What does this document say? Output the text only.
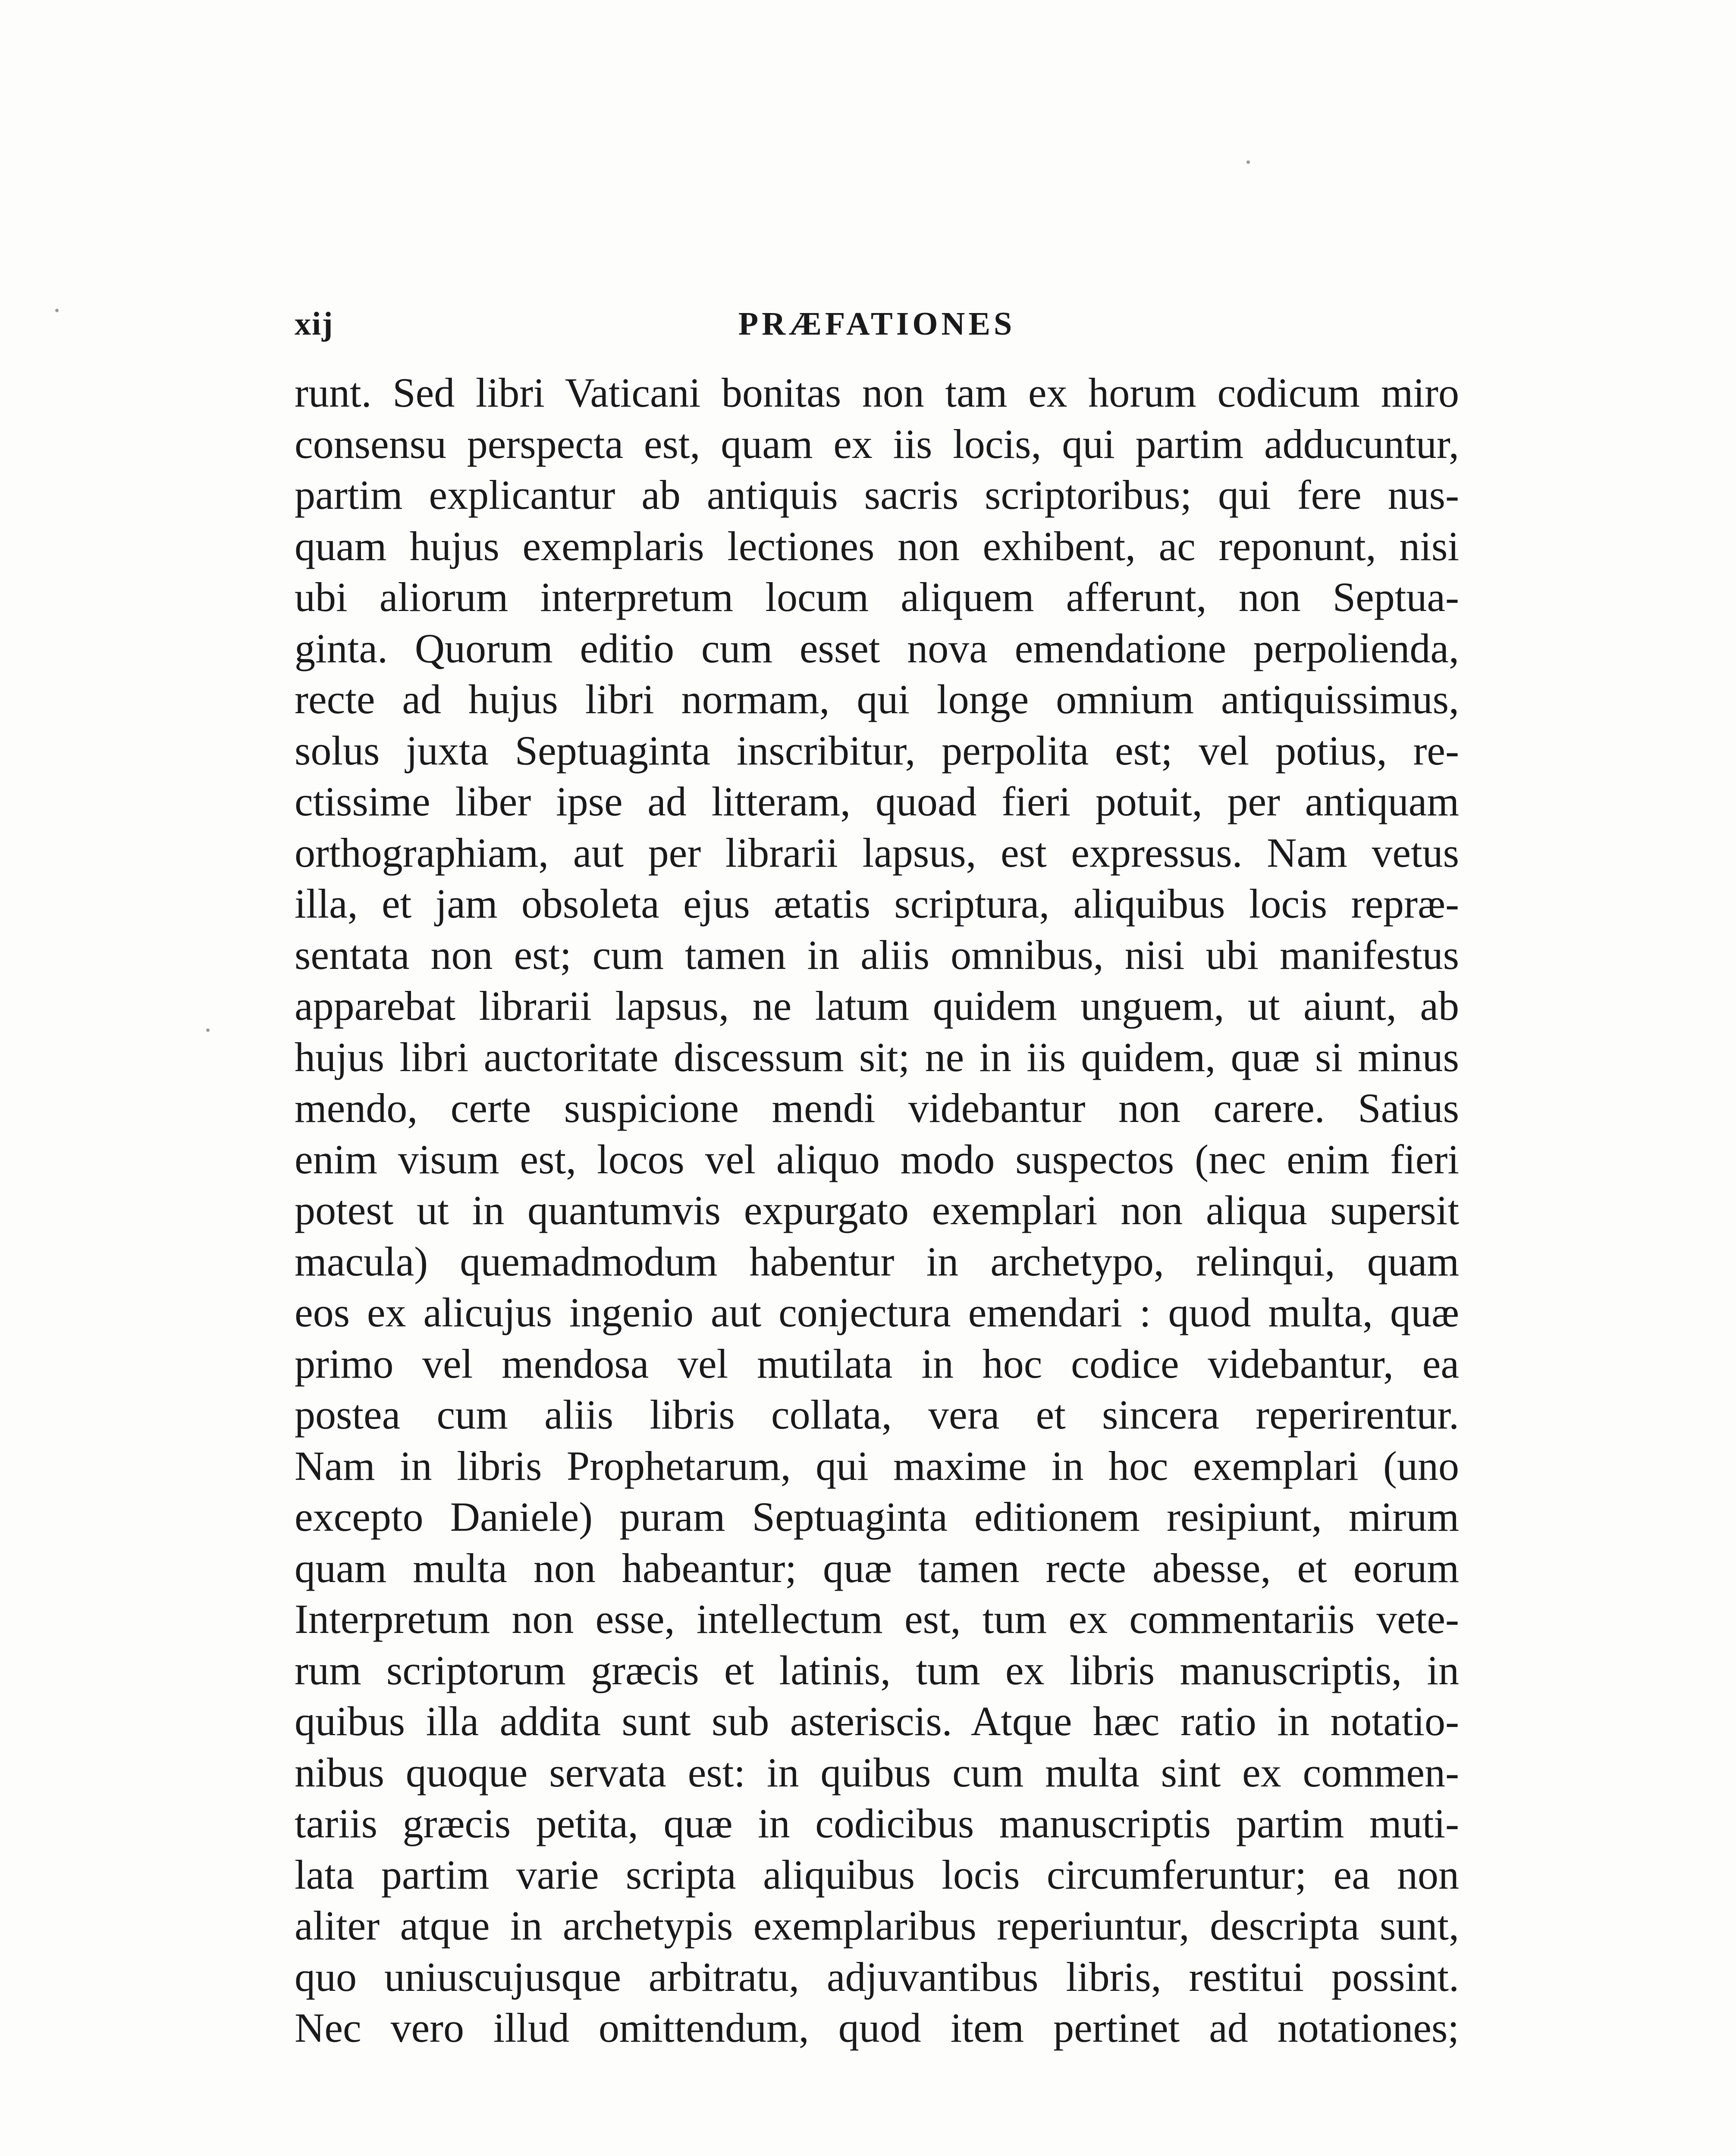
xij	PRÆFATIONES
runt. Sed libri Vaticani bonitas non tam ex horum codicum miro
consensu perspecta est, quam ex iis locis, qui partim adducuntur,
partim explicantur ab antiquis sacris scriptoribus; qui fere nus-
quam hujus exemplaris lectiones non exhibent, ac reponunt, nisi
ubi aliorum interpretum locum aliquem afferunt, non Septua-
ginta. Quorum editio cum esset nova emendatione perpolienda,
recte ad hujus libri normam, qui longe omnium antiquissimus,
solus juxta Septuaginta inscribitur, perpolita est; vel potius, re-
ctissime liber ipse ad litteram, quoad fieri potuit, per antiquam
orthographiam, aut per librarii lapsus, est expressus. Nam vetus
illa, et jam obsoleta ejus ætatis scriptura, aliquibus locis repræ-
sentata non est; cum tamen in aliis omnibus, nisi ubi manifestus
apparebat librarii lapsus, ne latum quidem unguem, ut aiunt, ab
hujus libri auctoritate discessum sit; ne in iis quidem, quæ si minus
mendo, certe suspicione mendi videbantur non carere. Satius
enim visum est, locos vel aliquo modo suspectos (nec enim fieri
potest ut in quantumvis expurgato exemplari non aliqua supersit
macula) quemadmodum habentur in archetypo, relinqui, quam
eos ex alicujus ingenio aut conjectura emendari : quod multa, quæ
primo vel mendosa vel mutilata in hoc codice videbantur, ea
postea cum aliis libris collata, vera et sincera reperirentur.
Nam in libris Prophetarum, qui maxime in hoc exemplari (uno
excepto Daniele) puram Septuaginta editionem resipiunt, mirum
quam multa non habeantur; quæ tamen recte abesse, et eorum
Interpretum non esse, intellectum est, tum ex commentariis vete-
rum scriptorum græcis et latinis, tum ex libris manuscriptis, in
quibus illa addita sunt sub asteriscis. Atque hæc ratio in notatio-
nibus quoque servata est: in quibus cum multa sint ex commen-
tariis græcis petita, quæ in codicibus manuscriptis partim muti-
lata partim varie scripta aliquibus locis circumferuntur; ea non
aliter atque in archetypis exemplaribus reperiuntur, descripta sunt,
quo uniuscujusque arbitratu, adjuvantibus libris, restitui possint.
Nec vero illud omittendum, quod item pertinet ad notationes;
